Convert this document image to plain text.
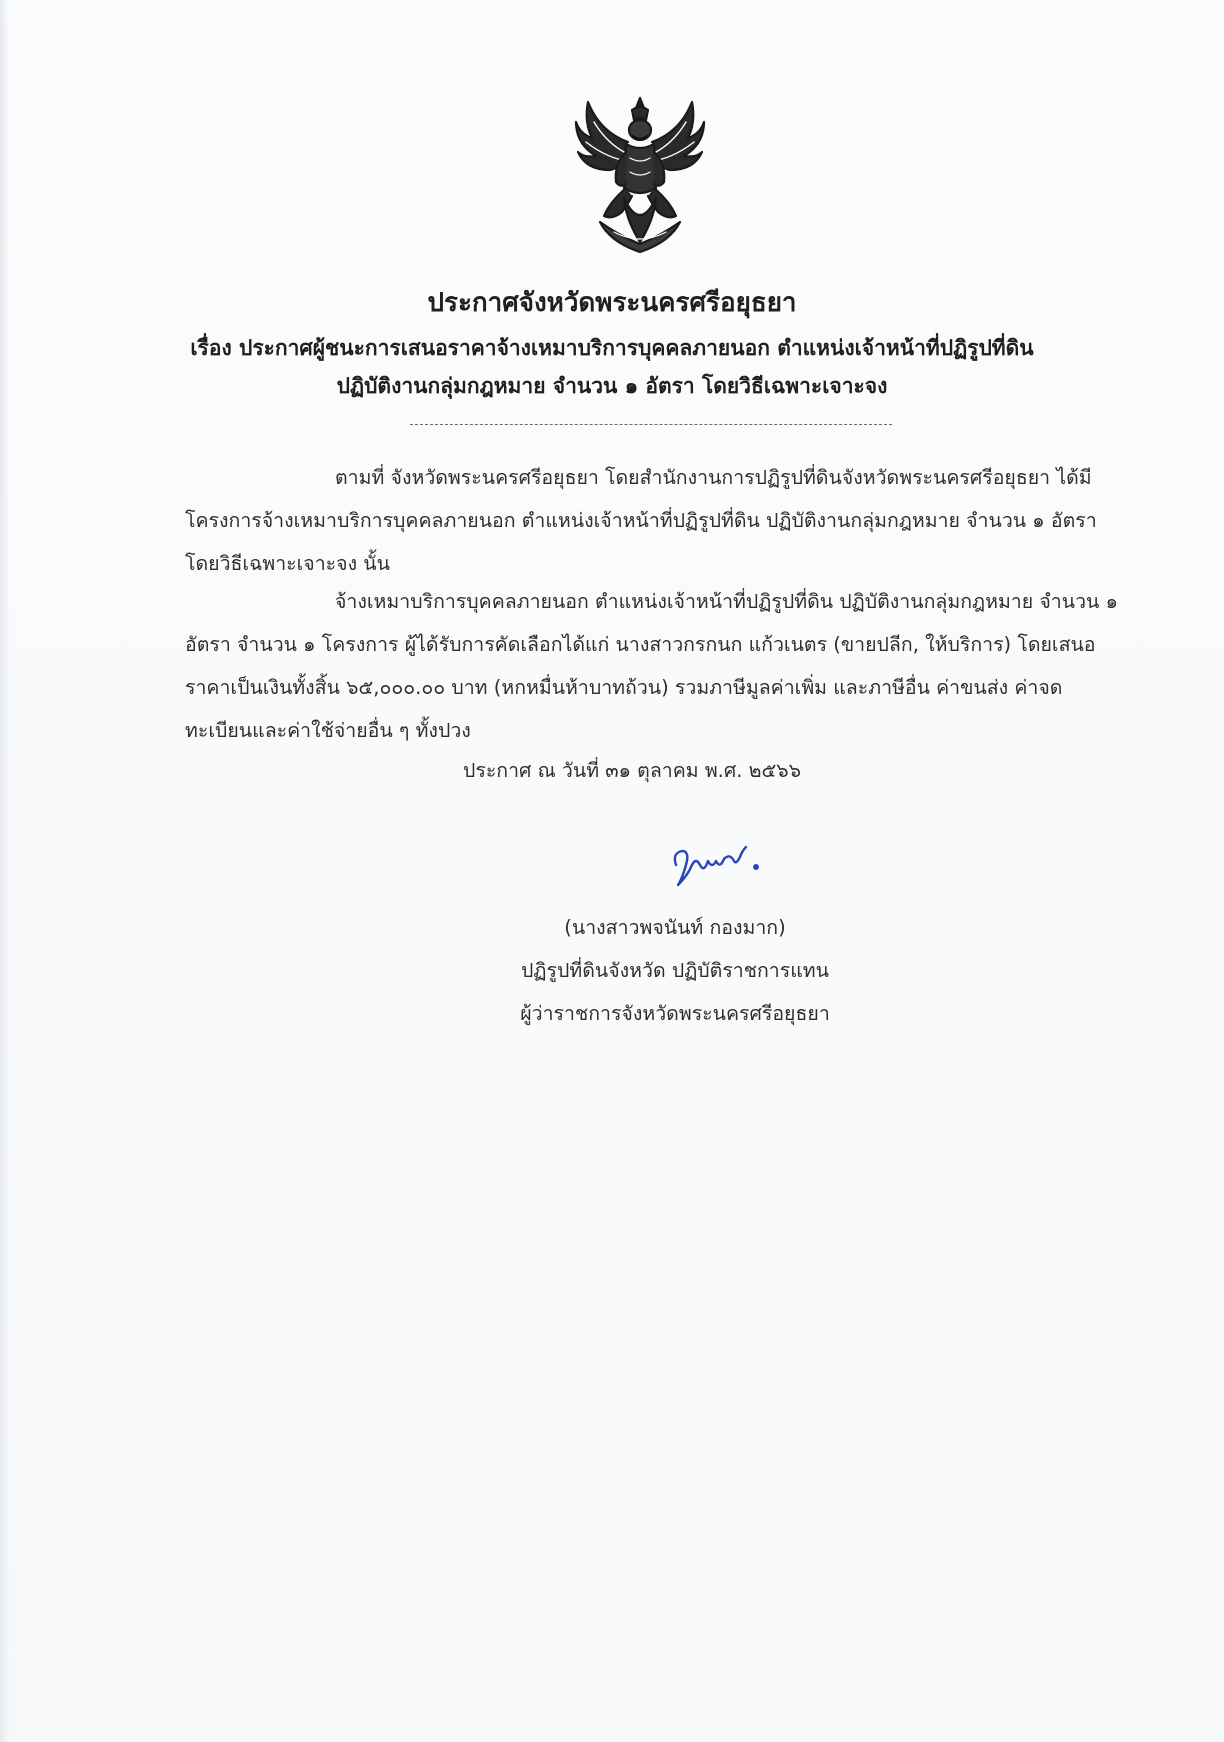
ประกาศจังหวัดพระนครศรีอยุธยา
เรื่อง ประกาศผู้ชนะการเสนอราคาจ้างเหมาบริการบุคคลภายนอก ตำแหน่งเจ้าหน้าที่ปฏิรูปที่ดิน
ปฏิบัติงานกลุ่มกฎหมาย จำนวน ๑ อัตรา โดยวิธีเฉพาะเจาะจง
ตามที่ จังหวัดพระนครศรีอยุธยา โดยสำนักงานการปฏิรูปที่ดินจังหวัดพระนครศรีอยุธยา ได้มีโครงการจ้างเหมาบริการบุคคลภายนอก ตำแหน่งเจ้าหน้าที่ปฏิรูปที่ดิน ปฏิบัติงานกลุ่มกฎหมาย จำนวน ๑ อัตรา โดยวิธีเฉพาะเจาะจง นั้น
จ้างเหมาบริการบุคคลภายนอก ตำแหน่งเจ้าหน้าที่ปฏิรูปที่ดิน ปฏิบัติงานกลุ่มกฎหมาย จำนวน ๑ อัตรา จำนวน ๑ โครงการ ผู้ได้รับการคัดเลือกได้แก่ นางสาวกรกนก แก้วเนตร (ขายปลีก, ให้บริการ) โดยเสนอราคาเป็นเงินทั้งสิ้น ๖๕,๐๐๐.๐๐ บาท (หกหมื่นห้าบาทถ้วน) รวมภาษีมูลค่าเพิ่ม และภาษีอื่น ค่าขนส่ง ค่าจดทะเบียนและค่าใช้จ่ายอื่น ๆ ทั้งปวง
ประกาศ ณ วันที่ ๓๑ ตุลาคม พ.ศ. ๒๕๖๖
(นางสาวพจนันท์ กองมาก)
ปฏิรูปที่ดินจังหวัด ปฏิบัติราชการแทน
ผู้ว่าราชการจังหวัดพระนครศรีอยุธยา
